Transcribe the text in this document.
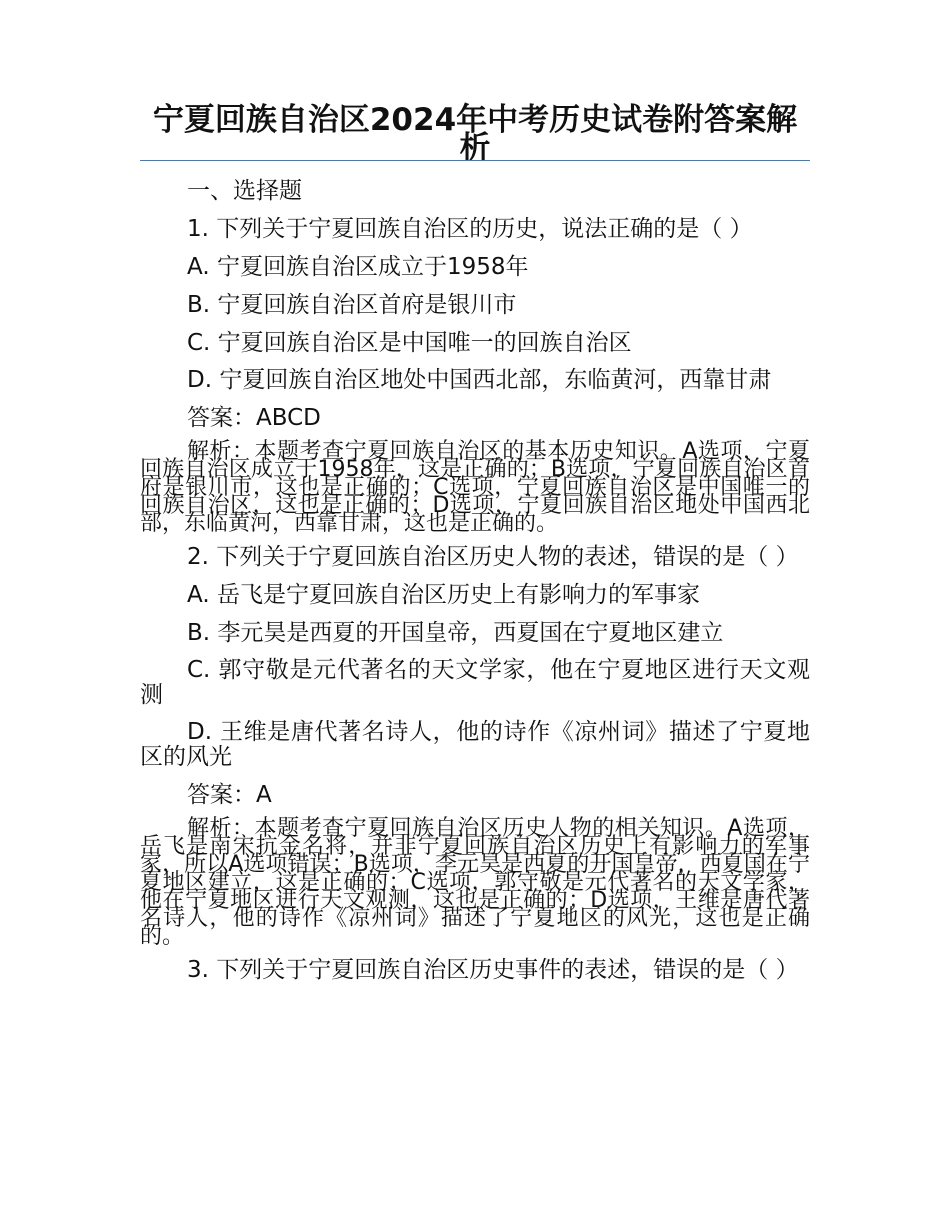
宁夏回族自治区2024年中考历史试卷附答案解析

一、选择题

1. 下列关于宁夏回族自治区的历史，说法正确的是（ ）

A. 宁夏回族自治区成立于1958年

B. 宁夏回族自治区首府是银川市

C. 宁夏回族自治区是中国唯一的回族自治区

D. 宁夏回族自治区地处中国西北部，东临黄河，西靠甘肃

答案：ABCD

解析：本题考查宁夏回族自治区的基本历史知识。A选项，宁夏回族自治区成立于1958年，这是正确的；B选项，宁夏回族自治区首府是银川市，这也是正确的；C选项，宁夏回族自治区是中国唯一的回族自治区，这也是正确的；D选项，宁夏回族自治区地处中国西北部，东临黄河，西靠甘肃，这也是正确的。

2. 下列关于宁夏回族自治区历史人物的表述，错误的是（ ）

A. 岳飞是宁夏回族自治区历史上有影响力的军事家

B. 李元昊是西夏的开国皇帝，西夏国在宁夏地区建立

C. 郭守敬是元代著名的天文学家，他在宁夏地区进行天文观测

D. 王维是唐代著名诗人，他的诗作《凉州词》描述了宁夏地区的风光

答案：A

解析：本题考查宁夏回族自治区历史人物的相关知识。A选项，岳飞是南宋抗金名将，并非宁夏回族自治区历史上有影响力的军事家，所以A选项错误；B选项，李元昊是西夏的开国皇帝，西夏国在宁夏地区建立，这是正确的；C选项，郭守敬是元代著名的天文学家，他在宁夏地区进行天文观测，这也是正确的；D选项，王维是唐代著名诗人，他的诗作《凉州词》描述了宁夏地区的风光，这也是正确的。

3. 下列关于宁夏回族自治区历史事件的表述，错误的是（ ）
